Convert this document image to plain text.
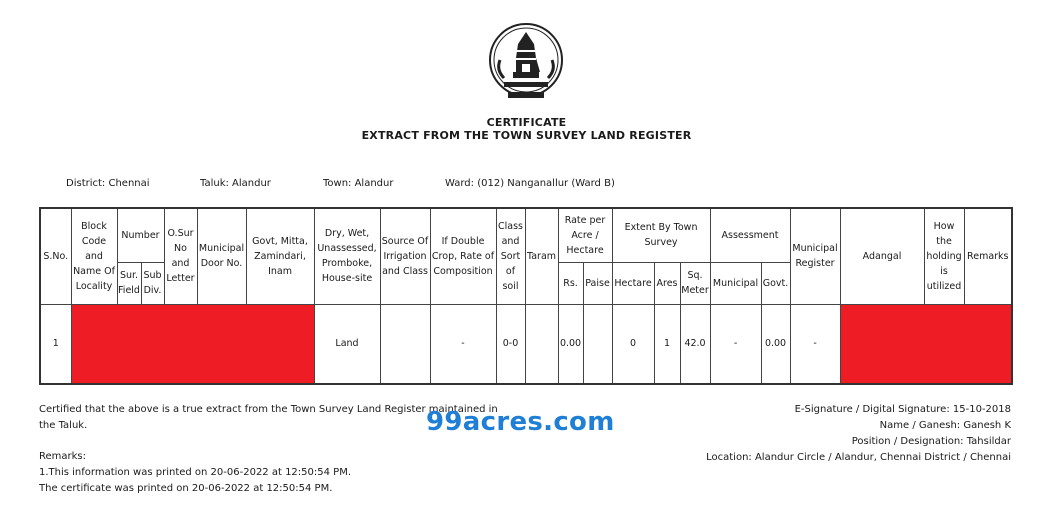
CERTIFICATE
EXTRACT FROM THE TOWN SURVEY LAND REGISTER
District: Chennai	Taluk: Alandur	Town: Alandur	Ward: (012) Nanganallur (Ward B)
S.No.	Block Code and Name Of Locality	Number		O.Sur No and Letter	Municipal Door No.	Govt, Mitta, Zamindari, Inam	Dry, Wet, Unassessed, Promboke, House-site	Source Of Irrigation and Class	If Double Crop, Rate of Composition	Class and Sort of soil	Taram	Rate per Acre / Hectare		Extent By Town Survey			Assessment		Municipal Register	Adangal	How the holding is utilized	Remarks
		Sur. Field	Sub Div.									Rs.	Paise	Hectare	Ares	Sq. Meter	Municipal	Govt.				
1							Land		-	0-0		0.00		0	1	42.0	-	0.00	-			
Certified that the above is a true extract from the Town Survey Land Register maintained in
the Taluk.
Remarks:
1.This information was printed on 20-06-2022 at 12:50:54 PM.
The certificate was printed on 20-06-2022 at 12:50:54 PM.
E-Signature / Digital Signature: 15-10-2018
Name / Ganesh: Ganesh K
Position / Designation: Tahsildar
Location: Alandur Circle / Alandur, Chennai District / Chennai
99acres.com
